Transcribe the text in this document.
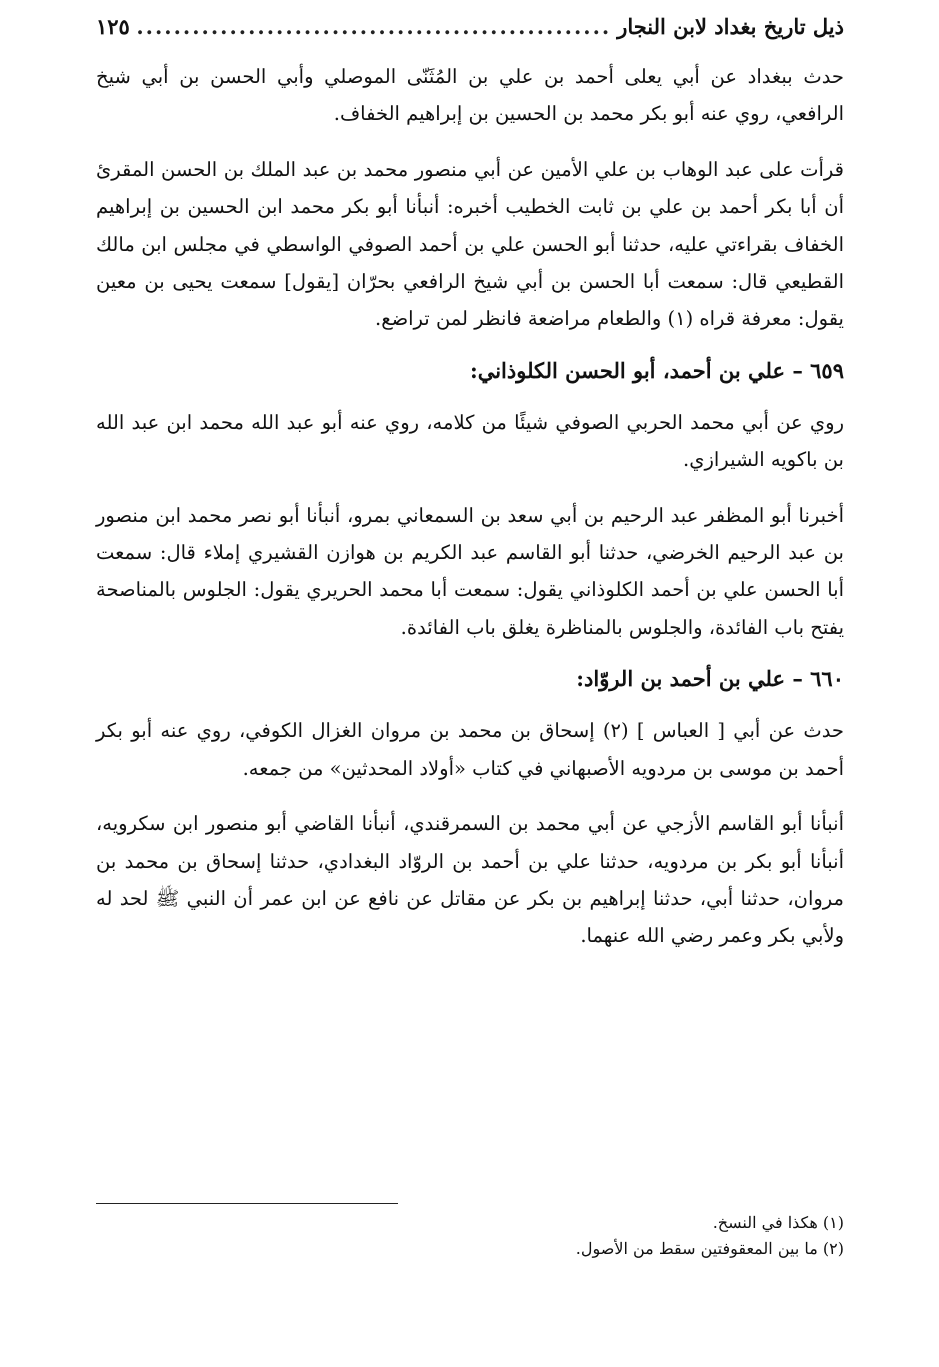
ذيل تاريخ بغداد لابن النجار
.....
١٢٥

حدث ببغداد عن أبي يعلى أحمد بن علي بن المُثَنّى الموصلي وأبي الحسن بن أبي شيخ الرافعي، روي عنه أبو بكر محمد بن الحسين بن إبراهيم الخفاف.

قرأت على عبد الوهاب بن علي الأمين عن أبي منصور محمد بن عبد الملك بن الحسن المقرئ أن أبا بكر أحمد بن علي بن ثابت الخطيب أخبره: أنبأنا أبو بكر محمد ابن الحسين بن إبراهيم الخفاف بقراءتي عليه، حدثنا أبو الحسن علي بن أحمد الصوفي الواسطي في مجلس ابن مالك القطيعي قال: سمعت أبا الحسن بن أبي شيخ الرافعي بحرّان [يقول] سمعت يحيى بن معين يقول: معرفة قراه (١) والطعام مراضعة فانظر لمن تراضع.

٦٥٩ – علي بن أحمد، أبو الحسن الكلوذاني:

روي عن أبي محمد الحربي الصوفي شيئًا من كلامه، روي عنه أبو عبد الله محمد ابن عبد الله بن باكويه الشيرازي.

أخبرنا أبو المظفر عبد الرحيم بن أبي سعد بن السمعاني بمرو، أنبأنا أبو نصر محمد ابن منصور بن عبد الرحيم الخرضي، حدثنا أبو القاسم عبد الكريم بن هوازن القشيري إملاء قال: سمعت أبا الحسن علي بن أحمد الكلوذاني يقول: سمعت أبا محمد الحريري يقول: الجلوس بالمناصحة يفتح باب الفائدة، والجلوس بالمناظرة يغلق باب الفائدة.

٦٦٠ – علي بن أحمد بن الروّاد:

حدث عن أبي [ العباس ] (٢) إسحاق بن محمد بن مروان الغزال الكوفي، روي عنه أبو بكر أحمد بن موسى بن مردويه الأصبهاني في كتاب «أولاد المحدثين» من جمعه.

أنبأنا أبو القاسم الأزجي عن أبي محمد بن السمرقندي، أنبأنا القاضي أبو منصور ابن سكرويه، أنبأنا أبو بكر بن مردويه، حدثنا علي بن أحمد بن الروّاد البغدادي، حدثنا إسحاق بن محمد بن مروان، حدثنا أبي، حدثنا إبراهيم بن بكر عن مقاتل عن نافع عن ابن عمر أن النبي ﷺ لحد له ولأبي بكر وعمر رضي الله عنهما.

(١) هكذا في النسخ.

(٢) ما بين المعقوفتين سقط من الأصول.
